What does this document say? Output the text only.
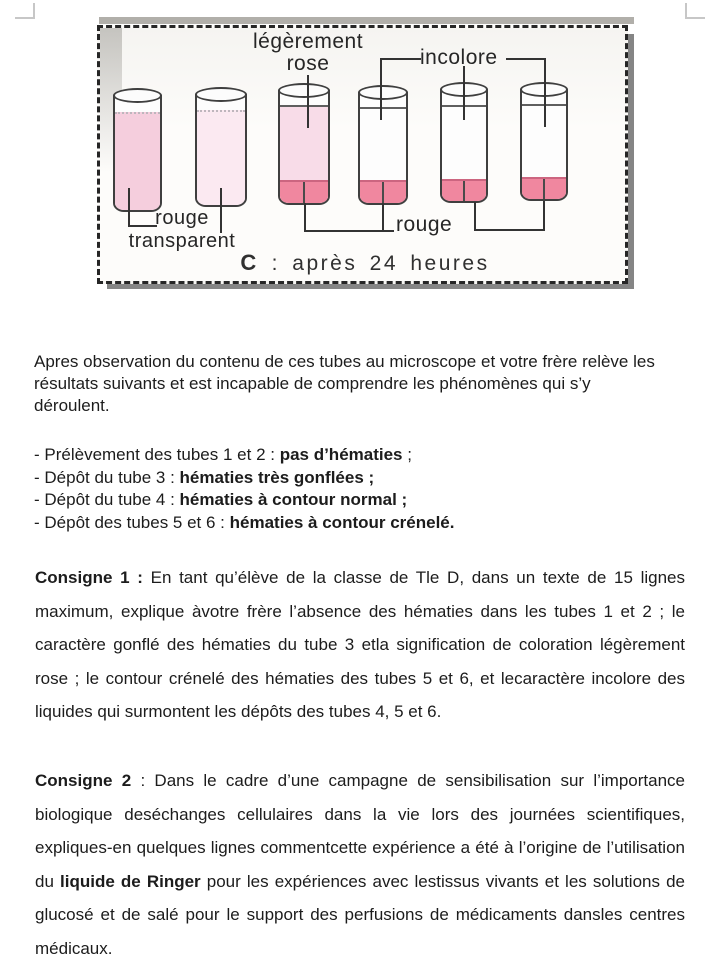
légèrement rose	incolore
rouge transparent
rouge
C : après 24 heures
Apres observation du contenu de ces tubes au microscope et votre frère relève les résultats suivants et est incapable de comprendre les phénomènes qui s’y déroulent.
- Prélèvement des tubes 1 et 2 : pas d’hématies ;
- Dépôt du tube 3 : hématies très gonflées ;
- Dépôt du tube 4 : hématies à contour normal ;
- Dépôt des tubes 5 et 6 : hématies à contour crénelé.
Consigne 1 : En tant qu’élève de la classe de Tle D, dans un texte de 15 lignes maximum, explique àvotre frère l’absence des hématies dans les tubes 1 et 2 ; le caractère gonflé des hématies du tube 3 etla signification de coloration légèrement rose ; le contour crénelé des hématies des tubes 5 et 6, et lecaractère incolore des liquides qui surmontent les dépôts des tubes 4, 5 et 6.
Consigne 2 : Dans le cadre d’une campagne de sensibilisation sur l’importance biologique deséchanges cellulaires dans la vie lors des journées scientifiques, expliques-en quelques lignes commentcette expérience a été à l’origine de l’utilisation du liquide de Ringer pour les expériences avec lestissus vivants et les solutions de glucosé et de salé pour le support des perfusions de médicaments dansles centres médicaux.
